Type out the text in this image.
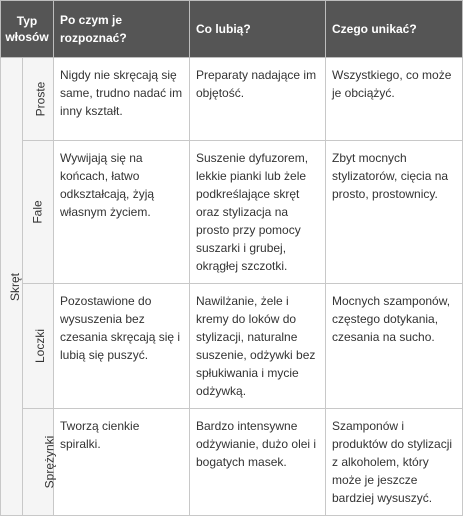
Typ włosów		Po czym je rozpoznać?	Co lubią?	Czego unikać?
Skręt	Proste	Nigdy nie skręcają się same, trudno nadać im inny kształt.	Preparaty nadające im objętość.	Wszystkiego, co może je obciążyć.
	Fale	Wywijają się na końcach, łatwo odkształcają, żyją własnym życiem.	Suszenie dyfuzorem, lekkie pianki lub żele podkreślające skręt oraz stylizacja na prosto przy pomocy suszarki i grubej, okrągłej szczotki.	Zbyt mocnych stylizatorów, cięcia na prosto, prostownicy.
	Loczki	Pozostawione do wysuszenia bez czesania skręcają się i lubią się puszyć.	Nawilżanie, żele i kremy do loków do stylizacji, naturalne suszenie, odżywki bez spłukiwania i mycie odżywką.	Mocnych szamponów, częstego dotykania, czesania na sucho.
	Sprężynki	Tworzą cienkie spiralki.	Bardzo intensywne odżywianie, dużo olei i bogatych masek.	Szamponów i produktów do stylizacji z alkoholem, który może je jeszcze bardziej wysuszyć.
